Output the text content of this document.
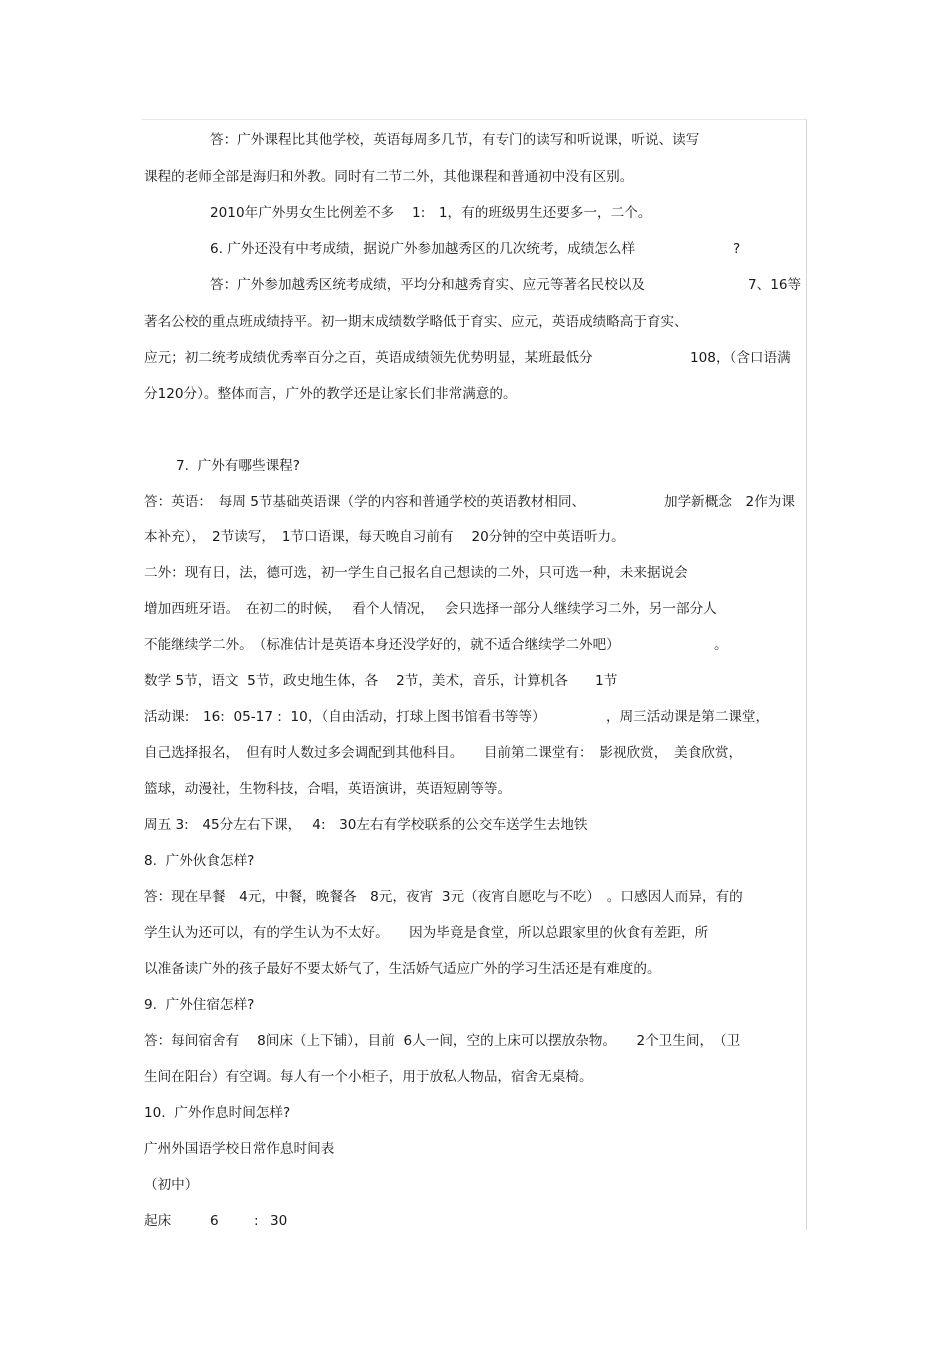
答：广外课程比其他学校，英语每周多几节，有专门的读写和听说课，听说、读写
课程的老师全部是海归和外教。同时有二节二外，其他课程和普通初中没有区别。
2010年广外男女生比例差不多　 1:　1，有的班级男生还要多一，二个。
6. 广外还没有中考成绩，据说广外参加越秀区的几次统考，成绩怎么样	?
答：广外参加越秀区统考成绩，平均分和越秀育实、应元等著名民校以及	7、16等
著名公校的重点班成绩持平。初一期末成绩数学略低于育实、应元，英语成绩略高于育实、
应元；初二统考成绩优秀率百分之百，英语成绩领先优势明显，某班最低分	108，（含口语满
分120分）。整体而言，广外的教学还是让家长们非常满意的。
7.  广外有哪些课程?
答：英语：　每周 5节基础英语课（学的内容和普通学校的英语教材相同、	加学新概念　2作为课
本补充），　2节读写，　1节口语课，每天晚自习前有　 20分钟的空中英语听力。
二外：现有日，法，德可选，初一学生自己报名自己想读的二外，只可选一种，未来据说会
增加西班牙语。　在初二的时候，　 看个人情况，　 会只选择一部分人继续学习二外，另一部分人
不能继续学二外。　（标准估计是英语本身还没学好的，就不适合继续学二外吧）	。
数学 5节，语文  5节，政史地生体，各　 2节，美术，音乐，计算机各　　1节
活动课:　16:  05-17 :  10，（自由活动，打球上图书馆看书等等）	，周三活动课是第二课堂，
自己选择报名，　但有时人数过多会调配到其他科目。　　目前第二课堂有：　影视欣赏，　美食欣赏，
篮球，动漫社，生物科技，合唱，英语演讲，英语短剧等等。
周五 3:　45分左右下课，　 4:　30左右有学校联系的公交车送学生去地铁
8.  广外伙食怎样?
答：现在早餐　4元，中餐，晚餐各　8元，夜宵  3元（夜宵自愿吃与不吃）　。口感因人而异，有的
学生认为还可以，有的学生认为不太好。　　因为毕竟是食堂，所以总跟家里的伙食有差距，所
以准备读广外的孩子最好不要太娇气了，生活娇气适应广外的学习生活还是有难度的。
9.  广外住宿怎样?
答：每间宿舍有　 8间床（上下铺），目前  6人一间，空的上床可以摆放杂物。　　2个卫生间，　（卫
生间在阳台）有空调。每人有一个小柜子，用于放私人物品，宿舍无桌椅。
10.  广外作息时间怎样?
广州外国语学校日常作息时间表
（初中）
起床	6	: 30
